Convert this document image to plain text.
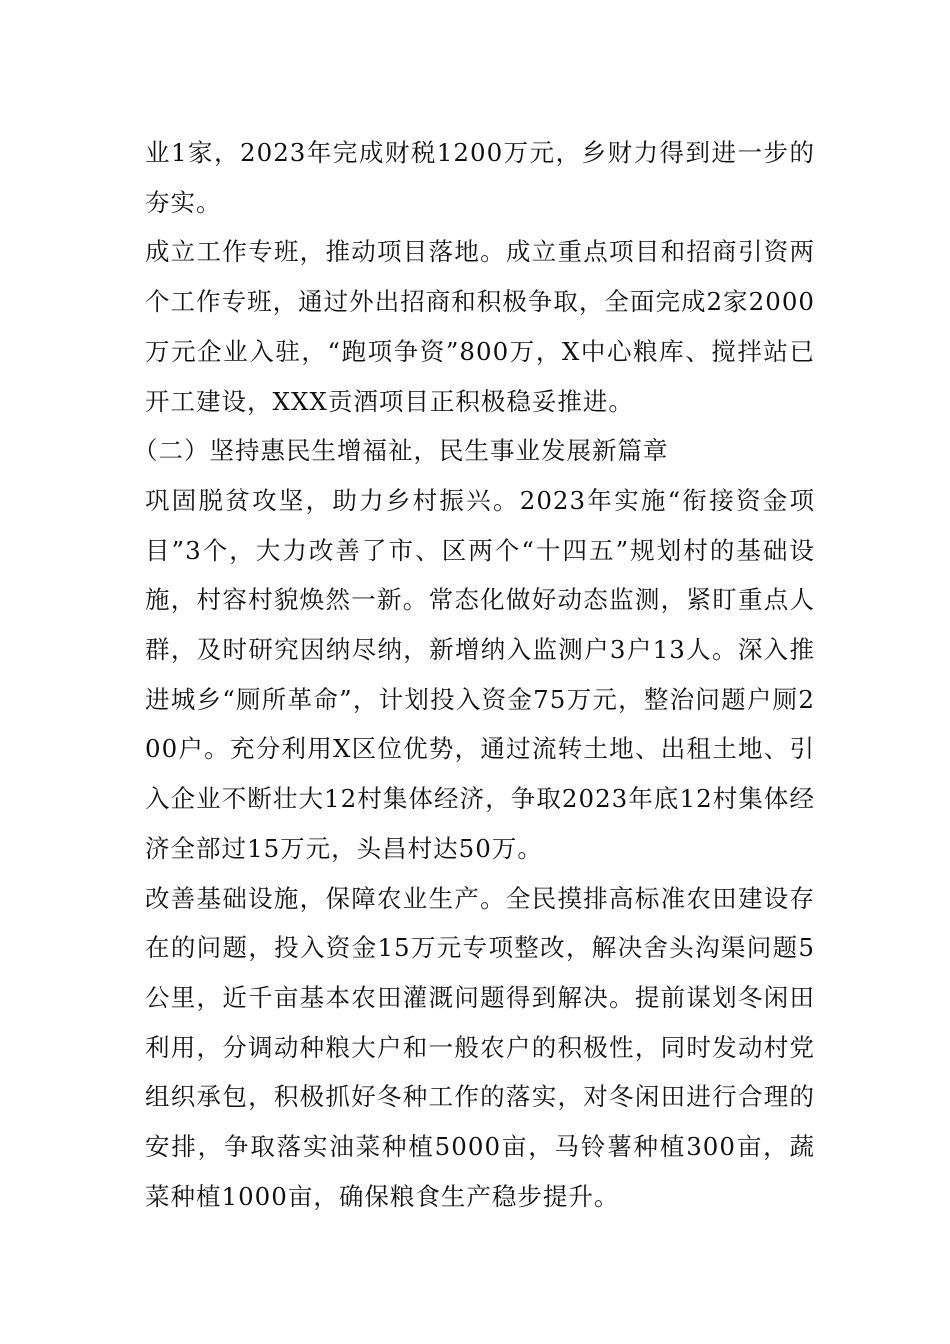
业1家，2023年完成财税1200万元，乡财力得到进一步的夯实。

成立工作专班，推动项目落地。成立重点项目和招商引资两个工作专班，通过外出招商和积极争取，全面完成2家2000万元企业入驻，“跑项争资”800万，X中心粮库、搅拌站已开工建设，XXX贡酒项目正积极稳妥推进。

（二）坚持惠民生增福祉，民生事业发展新篇章

巩固脱贫攻坚，助力乡村振兴。2023年实施“衔接资金项目”3个，大力改善了市、区两个“十四五”规划村的基础设施，村容村貌焕然一新。常态化做好动态监测，紧盯重点人群，及时研究因纳尽纳，新增纳入监测户3户13人。深入推进城乡“厕所革命”，计划投入资金75万元，整治问题户厕200户。充分利用X区位优势，通过流转土地、出租土地、引入企业不断壮大12村集体经济，争取2023年底12村集体经济全部过15万元，头昌村达50万。

改善基础设施，保障农业生产。全民摸排高标准农田建设存在的问题，投入资金15万元专项整改，解决舍头沟渠问题5公里，近千亩基本农田灌溉问题得到解决。提前谋划冬闲田利用，分调动种粮大户和一般农户的积极性，同时发动村党组织承包，积极抓好冬种工作的落实，对冬闲田进行合理的安排，争取落实油菜种植5000亩，马铃薯种植300亩，蔬菜种植1000亩，确保粮食生产稳步提升。
